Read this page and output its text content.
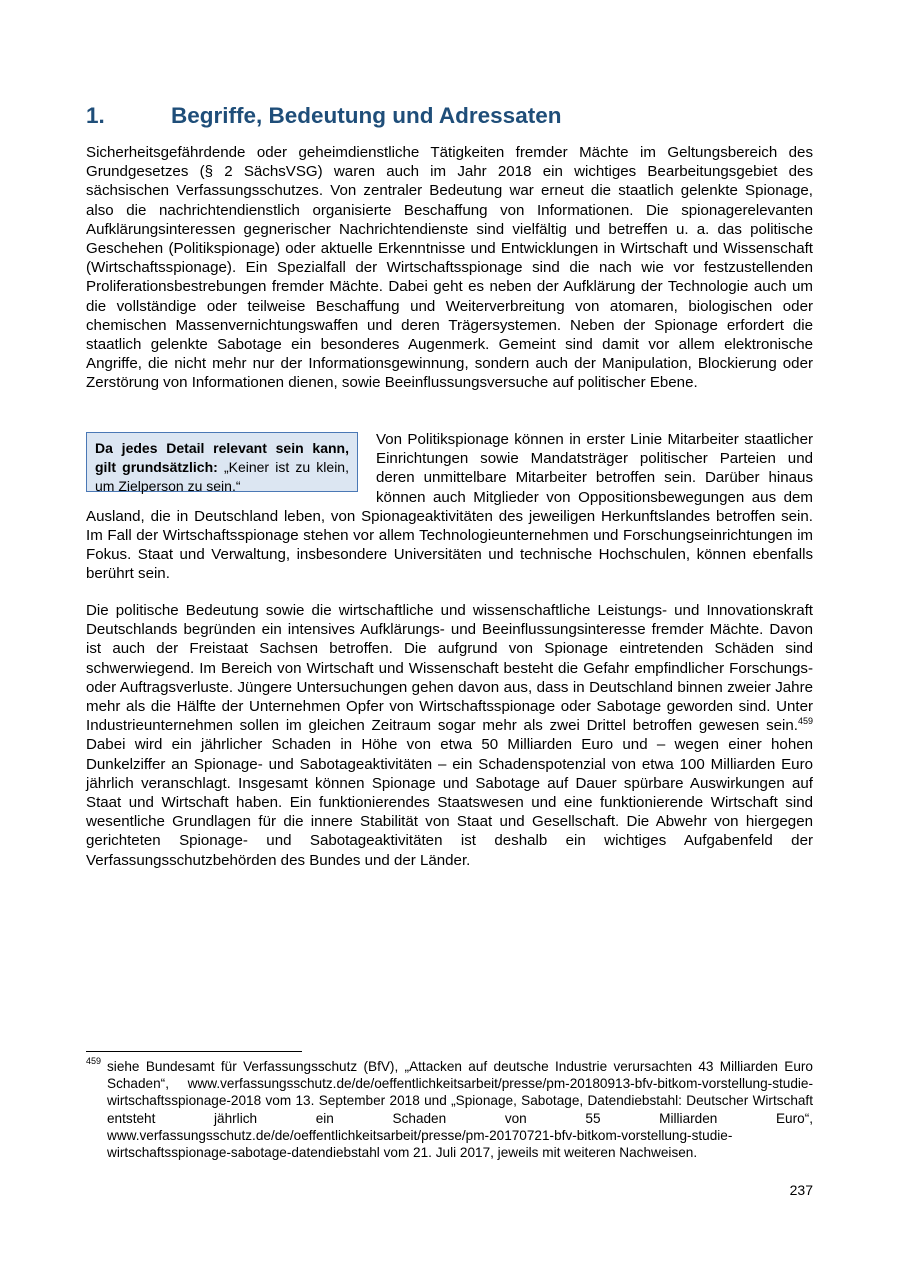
1.	Begriffe, Bedeutung und Adressaten

Sicherheitsgefährdende oder geheimdienstliche Tätigkeiten fremder Mächte im Geltungsbereich des Grundgesetzes (§ 2 SächsVSG) waren auch im Jahr 2018 ein wichtiges Bearbeitungsgebiet des sächsischen Verfassungsschutzes. Von zentraler Bedeutung war erneut die staatlich gelenkte Spionage, also die nachrichtendienstlich organisierte Beschaffung von Informationen. Die spionagerelevanten Aufklärungsinteressen gegnerischer Nachrichtendienste sind vielfältig und betreffen u. a. das politische Geschehen (Politikspionage) oder aktuelle Erkenntnisse und Entwicklungen in Wirtschaft und Wissenschaft (Wirtschaftsspionage). Ein Spezialfall der Wirtschaftsspionage sind die nach wie vor festzustellenden Proliferationsbestrebungen fremder Mächte. Dabei geht es neben der Aufklärung der Technologie auch um die vollständige oder teilweise Beschaffung und Weiterverbreitung von atomaren, biologischen oder chemischen Massenvernichtungswaffen und deren Trägersystemen. Neben der Spionage erfordert die staatlich gelenkte Sabotage ein besonderes Augenmerk. Gemeint sind damit vor allem elektronische Angriffe, die nicht mehr nur der Informationsgewinnung, sondern auch der Manipulation, Blockierung oder Zerstörung von Informationen dienen, sowie Beeinflussungsversuche auf politischer Ebene.

Da jedes Detail relevant sein kann, gilt grundsätzlich: „Keiner ist zu klein, um Zielperson zu sein.“
Von Politikspionage können in erster Linie Mitarbeiter staatlicher Einrichtungen sowie Mandatsträger politischer Parteien und deren unmittelbare Mitarbeiter betroffen sein. Darüber hinaus können auch Mitglieder von Oppositionsbewegungen aus dem Ausland, die in Deutschland leben, von Spionageaktivitäten des jeweiligen Herkunftslandes betroffen sein. Im Fall der Wirtschaftsspionage stehen vor allem Technologieunternehmen und Forschungseinrichtungen im Fokus. Staat und Verwaltung, insbesondere Universitäten und technische Hochschulen, können ebenfalls berührt sein.

Die politische Bedeutung sowie die wirtschaftliche und wissenschaftliche Leistungs- und Innovationskraft Deutschlands begründen ein intensives Aufklärungs- und Beeinflussungsinteresse fremder Mächte. Davon ist auch der Freistaat Sachsen betroffen. Die aufgrund von Spionage eintretenden Schäden sind schwerwiegend. Im Bereich von Wirtschaft und Wissenschaft besteht die Gefahr empfindlicher Forschungs- oder Auftragsverluste. Jüngere Untersuchungen gehen davon aus, dass in Deutschland binnen zweier Jahre mehr als die Hälfte der Unternehmen Opfer von Wirtschaftsspionage oder Sabotage geworden sind. Unter Industrieunternehmen sollen im gleichen Zeitraum sogar mehr als zwei Drittel betroffen gewesen sein.$^{459}$ Dabei wird ein jährlicher Schaden in Höhe von etwa 50 Milliarden Euro und – wegen einer hohen Dunkelziffer an Spionage- und Sabotageaktivitäten – ein Schadenspotenzial von etwa 100 Milliarden Euro jährlich veranschlagt. Insgesamt können Spionage und Sabotage auf Dauer spürbare Auswirkungen auf Staat und Wirtschaft haben. Ein funktionierendes Staatswesen und eine funktionierende Wirtschaft sind wesentliche Grundlagen für die innere Stabilität von Staat und Gesellschaft. Die Abwehr von hiergegen gerichteten Spionage- und Sabotageaktivitäten ist deshalb ein wichtiges Aufgabenfeld der Verfassungsschutzbehörden des Bundes und der Länder.

459 siehe Bundesamt für Verfassungsschutz (BfV), „Attacken auf deutsche Industrie verursachten 43 Milliarden Euro Schaden“, www.verfassungsschutz.de/de/oeffentlichkeitsarbeit/presse/pm-20180913-bfv-bitkom-vorstellung-studie-wirtschaftsspionage-2018 vom 13. September 2018 und „Spionage, Sabotage, Datendiebstahl: Deutscher Wirtschaft entsteht jährlich ein Schaden von 55 Milliarden Euro“, www.verfassungsschutz.de/de/oeffentlichkeitsarbeit/presse/pm-20170721-bfv-bitkom-vorstellung-studie-wirtschaftsspionage-sabotage-datendiebstahl vom 21. Juli 2017, jeweils mit weiteren Nachweisen.

237
